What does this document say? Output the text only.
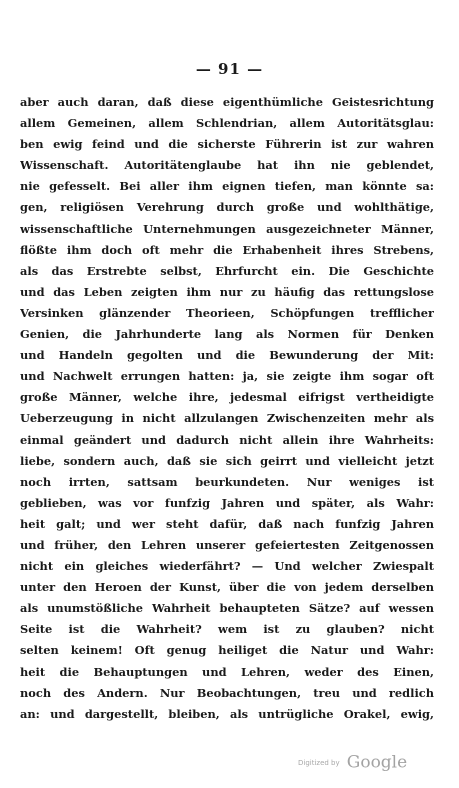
— 91 —
aber auch daran, daß diese eigenthümliche Geistesrichtung
allem Gemeinen, allem Schlendrian, allem Autoritätsglau:
ben ewig feind und die sicherste Führerin ist zur wahren
Wissenschaft. Autoritätenglaube hat ihn nie geblendet,
nie gefesselt. Bei aller ihm eignen tiefen, man könnte sa:
gen, religiösen Verehrung durch große und wohlthätige,
wissenschaftliche Unternehmungen ausgezeichneter Männer,
flößte ihm doch oft mehr die Erhabenheit ihres Strebens,
als das Erstrebte selbst, Ehrfurcht ein. Die Geschichte
und das Leben zeigten ihm nur zu häufig das rettungslose
Versinken glänzender Theorieen, Schöpfungen trefflicher
Genien, die Jahrhunderte lang als Normen für Denken
und Handeln gegolten und die Bewunderung der Mit:
und Nachwelt errungen hatten: ja, sie zeigte ihm sogar oft
große Männer, welche ihre, jedesmal eifrigst vertheidigte
Ueberzeugung in nicht allzulangen Zwischenzeiten mehr als
einmal geändert und dadurch nicht allein ihre Wahrheits:
liebe, sondern auch, daß sie sich geirrt und vielleicht jetzt
noch irrten, sattsam beurkundeten. Nur weniges ist
geblieben, was vor funfzig Jahren und später, als Wahr:
heit galt; und wer steht dafür, daß nach funfzig Jahren
und früher, den Lehren unserer gefeiertesten Zeitgenossen
nicht ein gleiches wiederfährt? — Und welcher Zwiespalt
unter den Heroen der Kunst, über die von jedem derselben
als unumstößliche Wahrheit behaupteten Sätze? auf wessen
Seite ist die Wahrheit? wem ist zu glauben? nicht
selten keinem! Oft genug heiliget die Natur und Wahr:
heit die Behauptungen und Lehren, weder des Einen,
noch des Andern. Nur Beobachtungen, treu und redlich
an: und dargestellt, bleiben, als untrügliche Orakel, ewig,
Digitized by Google
